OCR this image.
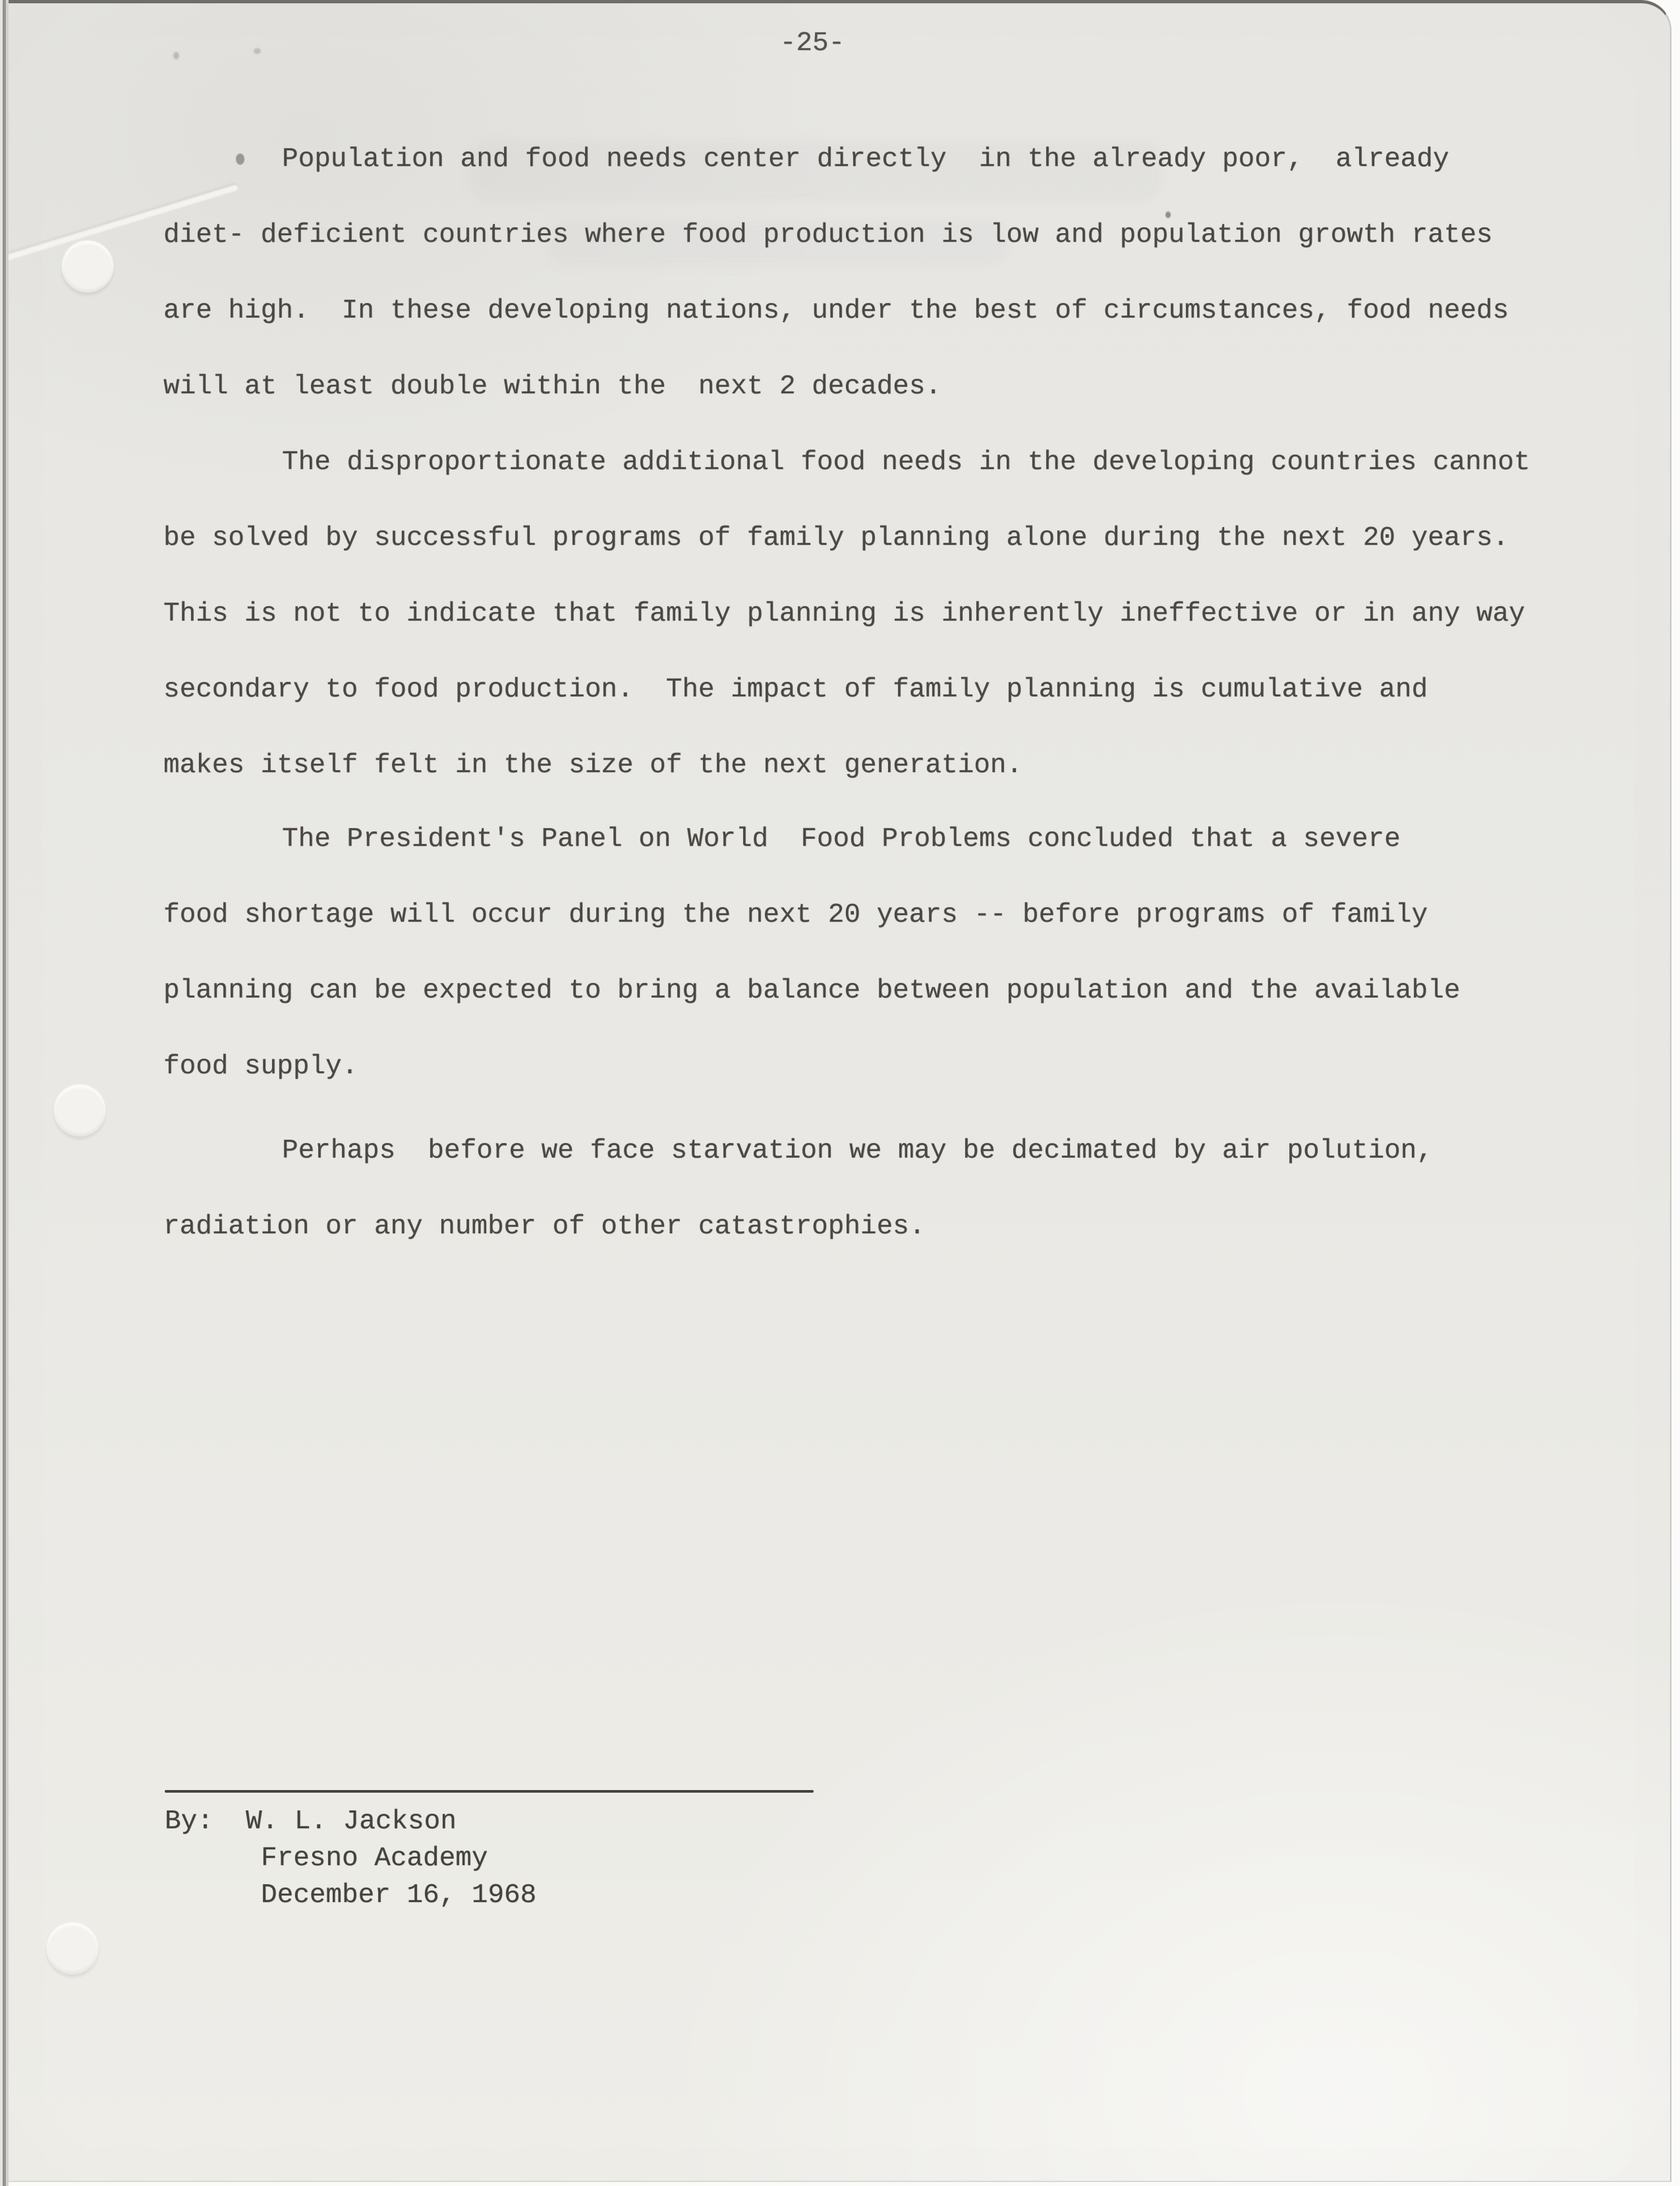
-25-
Population and food needs center directly  in the already poor,  already
diet- deficient countries where food production is low and population growth rates
are high.  In these developing nations, under the best of circumstances, food needs
will at least double within the  next 2 decades.
The disproportionate additional food needs in the developing countries cannot
be solved by successful programs of family planning alone during the next 20 years.
This is not to indicate that family planning is inherently ineffective or in any way
secondary to food production.  The impact of family planning is cumulative and
makes itself felt in the size of the next generation.
The President's Panel on World  Food Problems concluded that a severe
food shortage will occur during the next 20 years -- before programs of family
planning can be expected to bring a balance between population and the available
food supply.
Perhaps  before we face starvation we may be decimated by air polution,
radiation or any number of other catastrophies.
By:  W. L. Jackson
Fresno Academy
December 16, 1968
